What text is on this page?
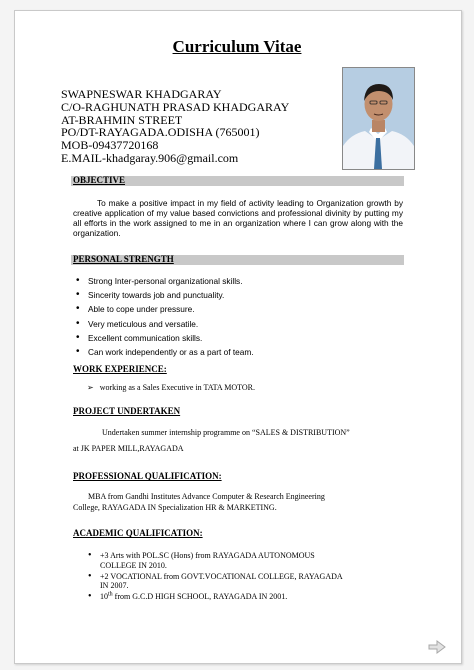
Curriculum Vitae
SWAPNESWAR KHADGARAY
C/O-RAGHUNATH PRASAD KHADGARAY
AT-BRAHMIN STREET
PO/DT-RAYAGADA.ODISHA (765001)
MOB-09437720168
E.MAIL-khadgaray.906@gmail.com
OBJECTIVE
To make a positive impact in my field of activity leading to Organization growth by creative application of my value based convictions and professional divinity by putting my all efforts in the work assigned to me in an organization where I can grow along with the organization.
PERSONAL STRENGTH
• Strong Inter-personal organizational skills.
• Sincerity towards job and punctuality.
• Able to cope under pressure.
• Very meticulous and versatile.
• Excellent communication skills.
• Can work independently or as a part of team.
WORK EXPERIENCE:
➢ working as a Sales Executive in TATA MOTOR.
PROJECT UNDERTAKEN
Undertaken summer internship programme on “SALES & DISTRIBUTION”
at JK PAPER MILL,RAYAGADA
PROFESSIONAL QUALIFICATION:
MBA from Gandhi Institutes Advance Computer & Research Engineering
College, RAYAGADA IN Specialization HR & MARKETING.
ACADEMIC QUALIFICATION:
• +3 Arts with POL.SC (Hons) from RAYAGADA AUTONOMOUS
COLLEGE IN 2010.
• +2 VOCATIONAL from GOVT.VOCATIONAL COLLEGE, RAYAGADA
IN 2007.
• 10th from G.C.D HIGH SCHOOL, RAYAGADA IN 2001.
